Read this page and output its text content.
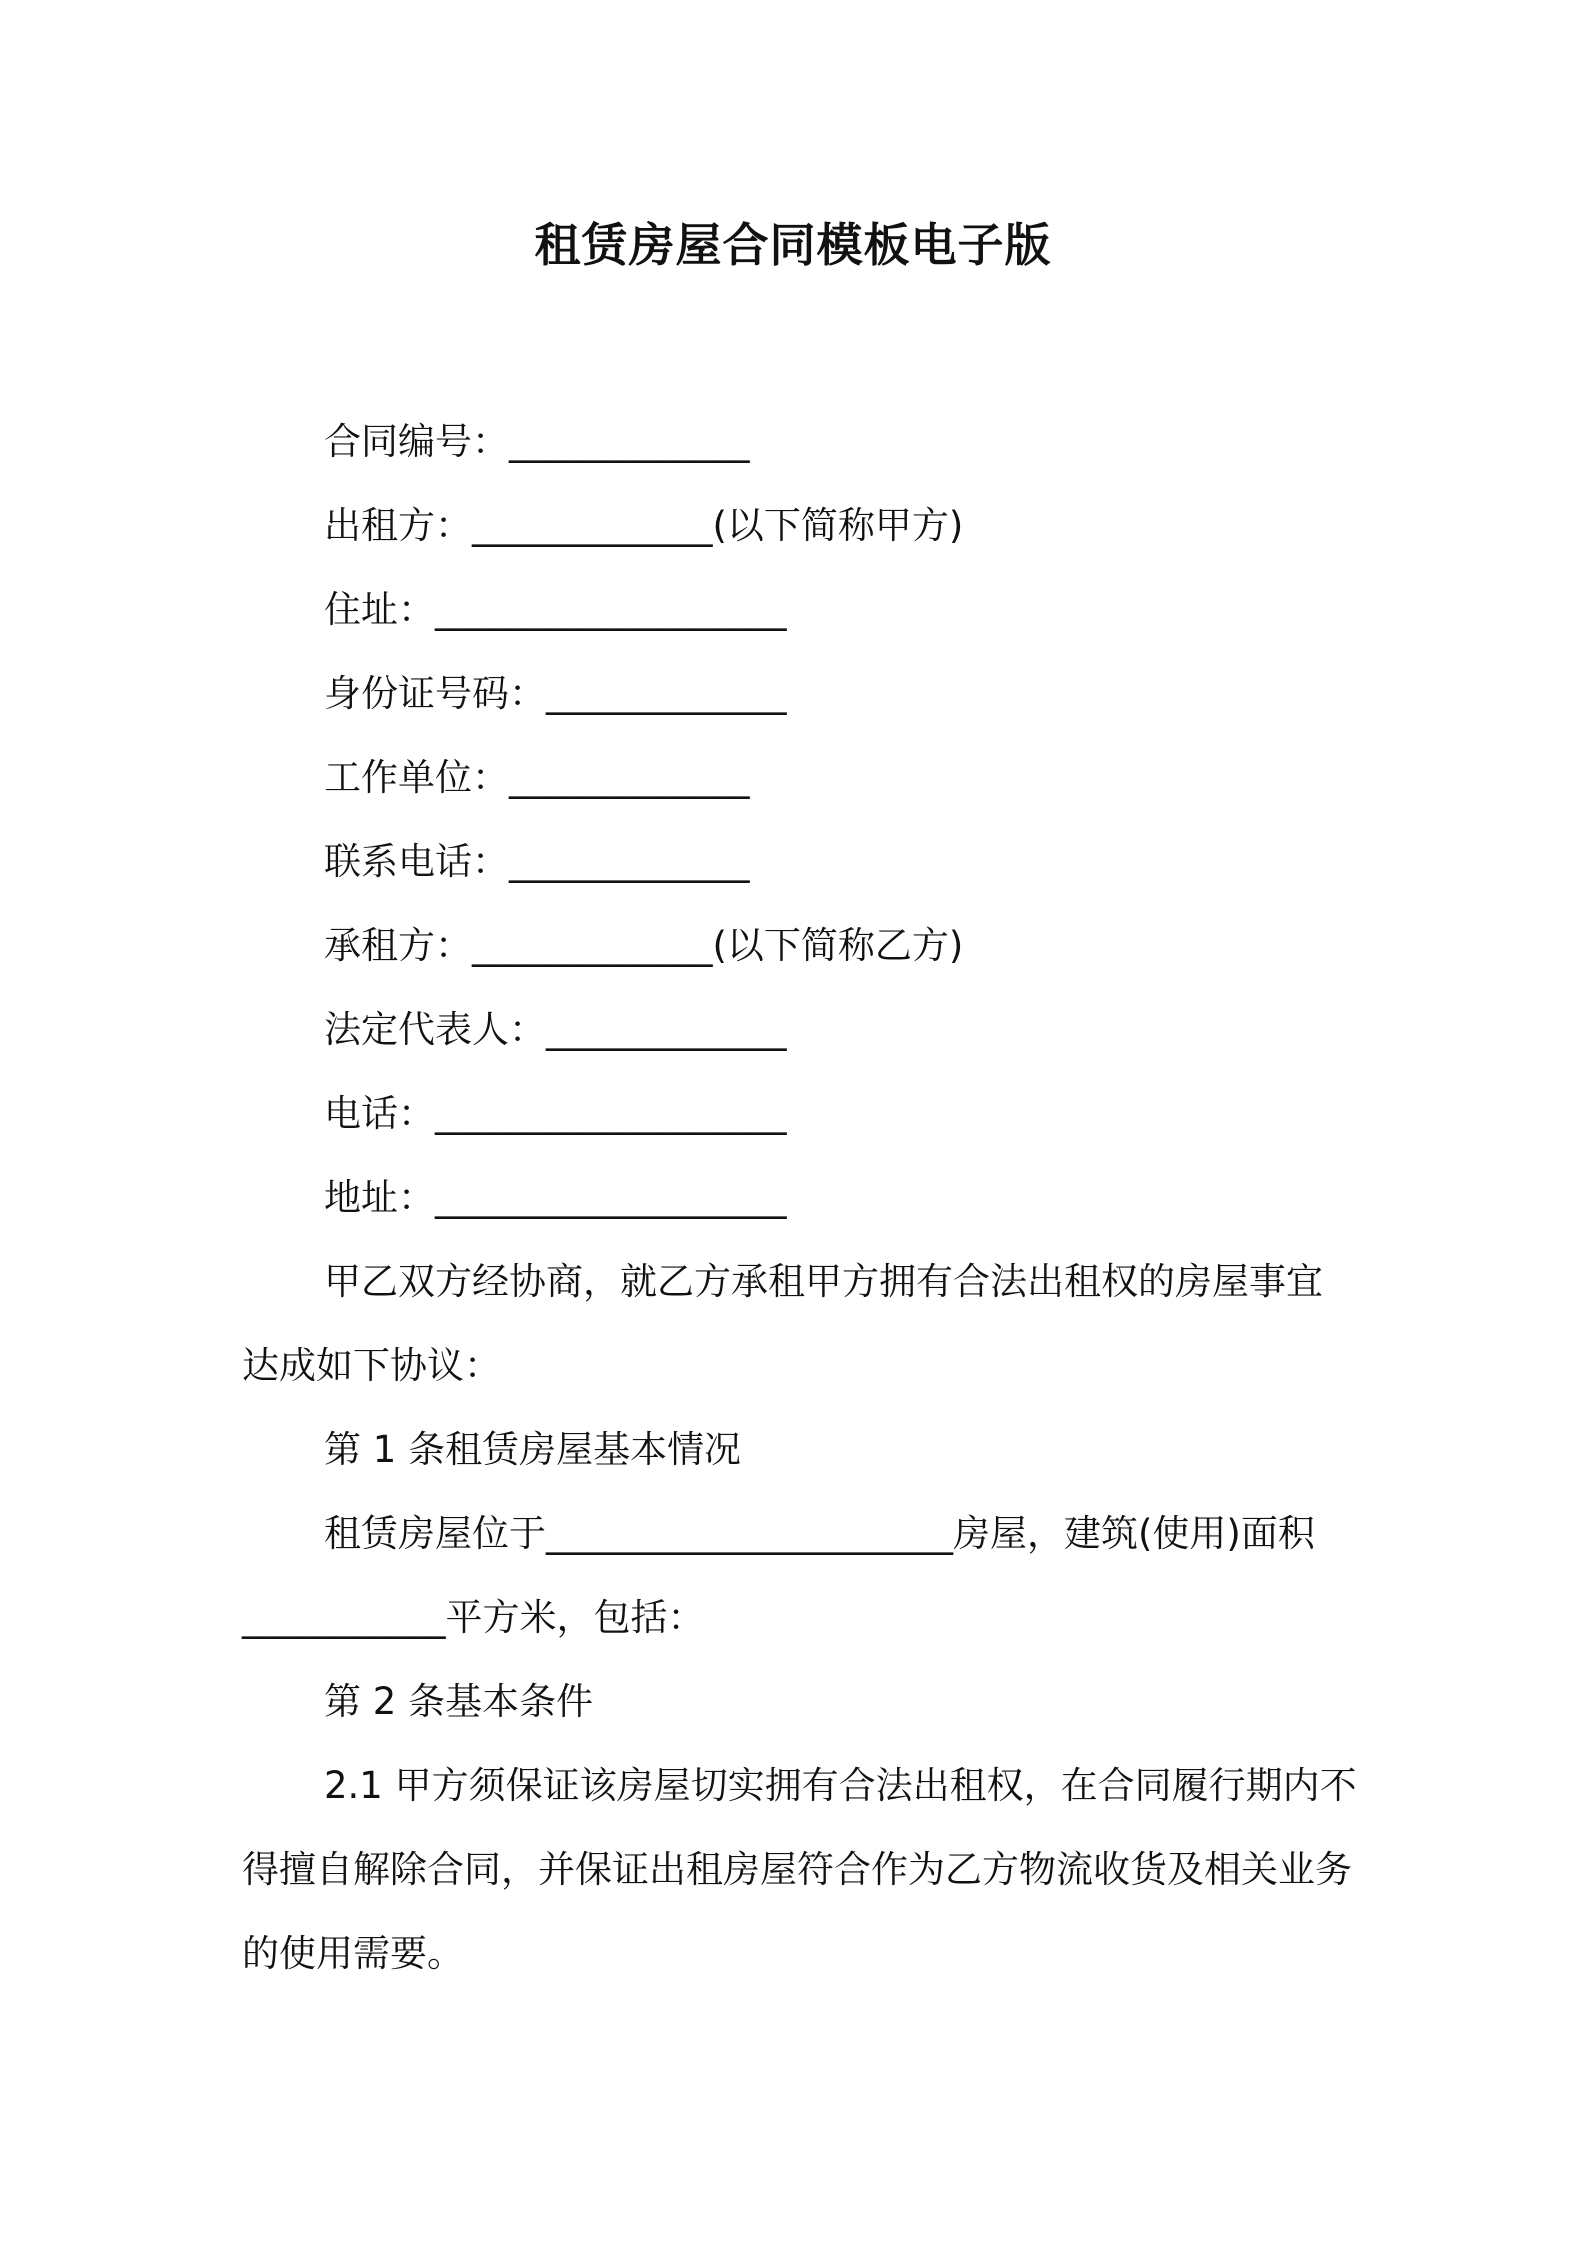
租赁房屋合同模板电子版

合同编号：_____________

出租方：_____________(以下简称甲方)

住址：___________________

身份证号码：_____________

工作单位：_____________

联系电话：_____________

承租方：_____________(以下简称乙方)

法定代表人：_____________

电话：___________________

地址：___________________

甲乙双方经协商，就乙方承租甲方拥有合法出租权的房屋事宜达成如下协议：

第 1 条租赁房屋基本情况

租赁房屋位于______________________房屋，建筑(使用)面积___________平方米，包括：

第 2 条基本条件

2.1 甲方须保证该房屋切实拥有合法出租权，在合同履行期内不得擅自解除合同，并保证出租房屋符合作为乙方物流收货及相关业务的使用需要。
